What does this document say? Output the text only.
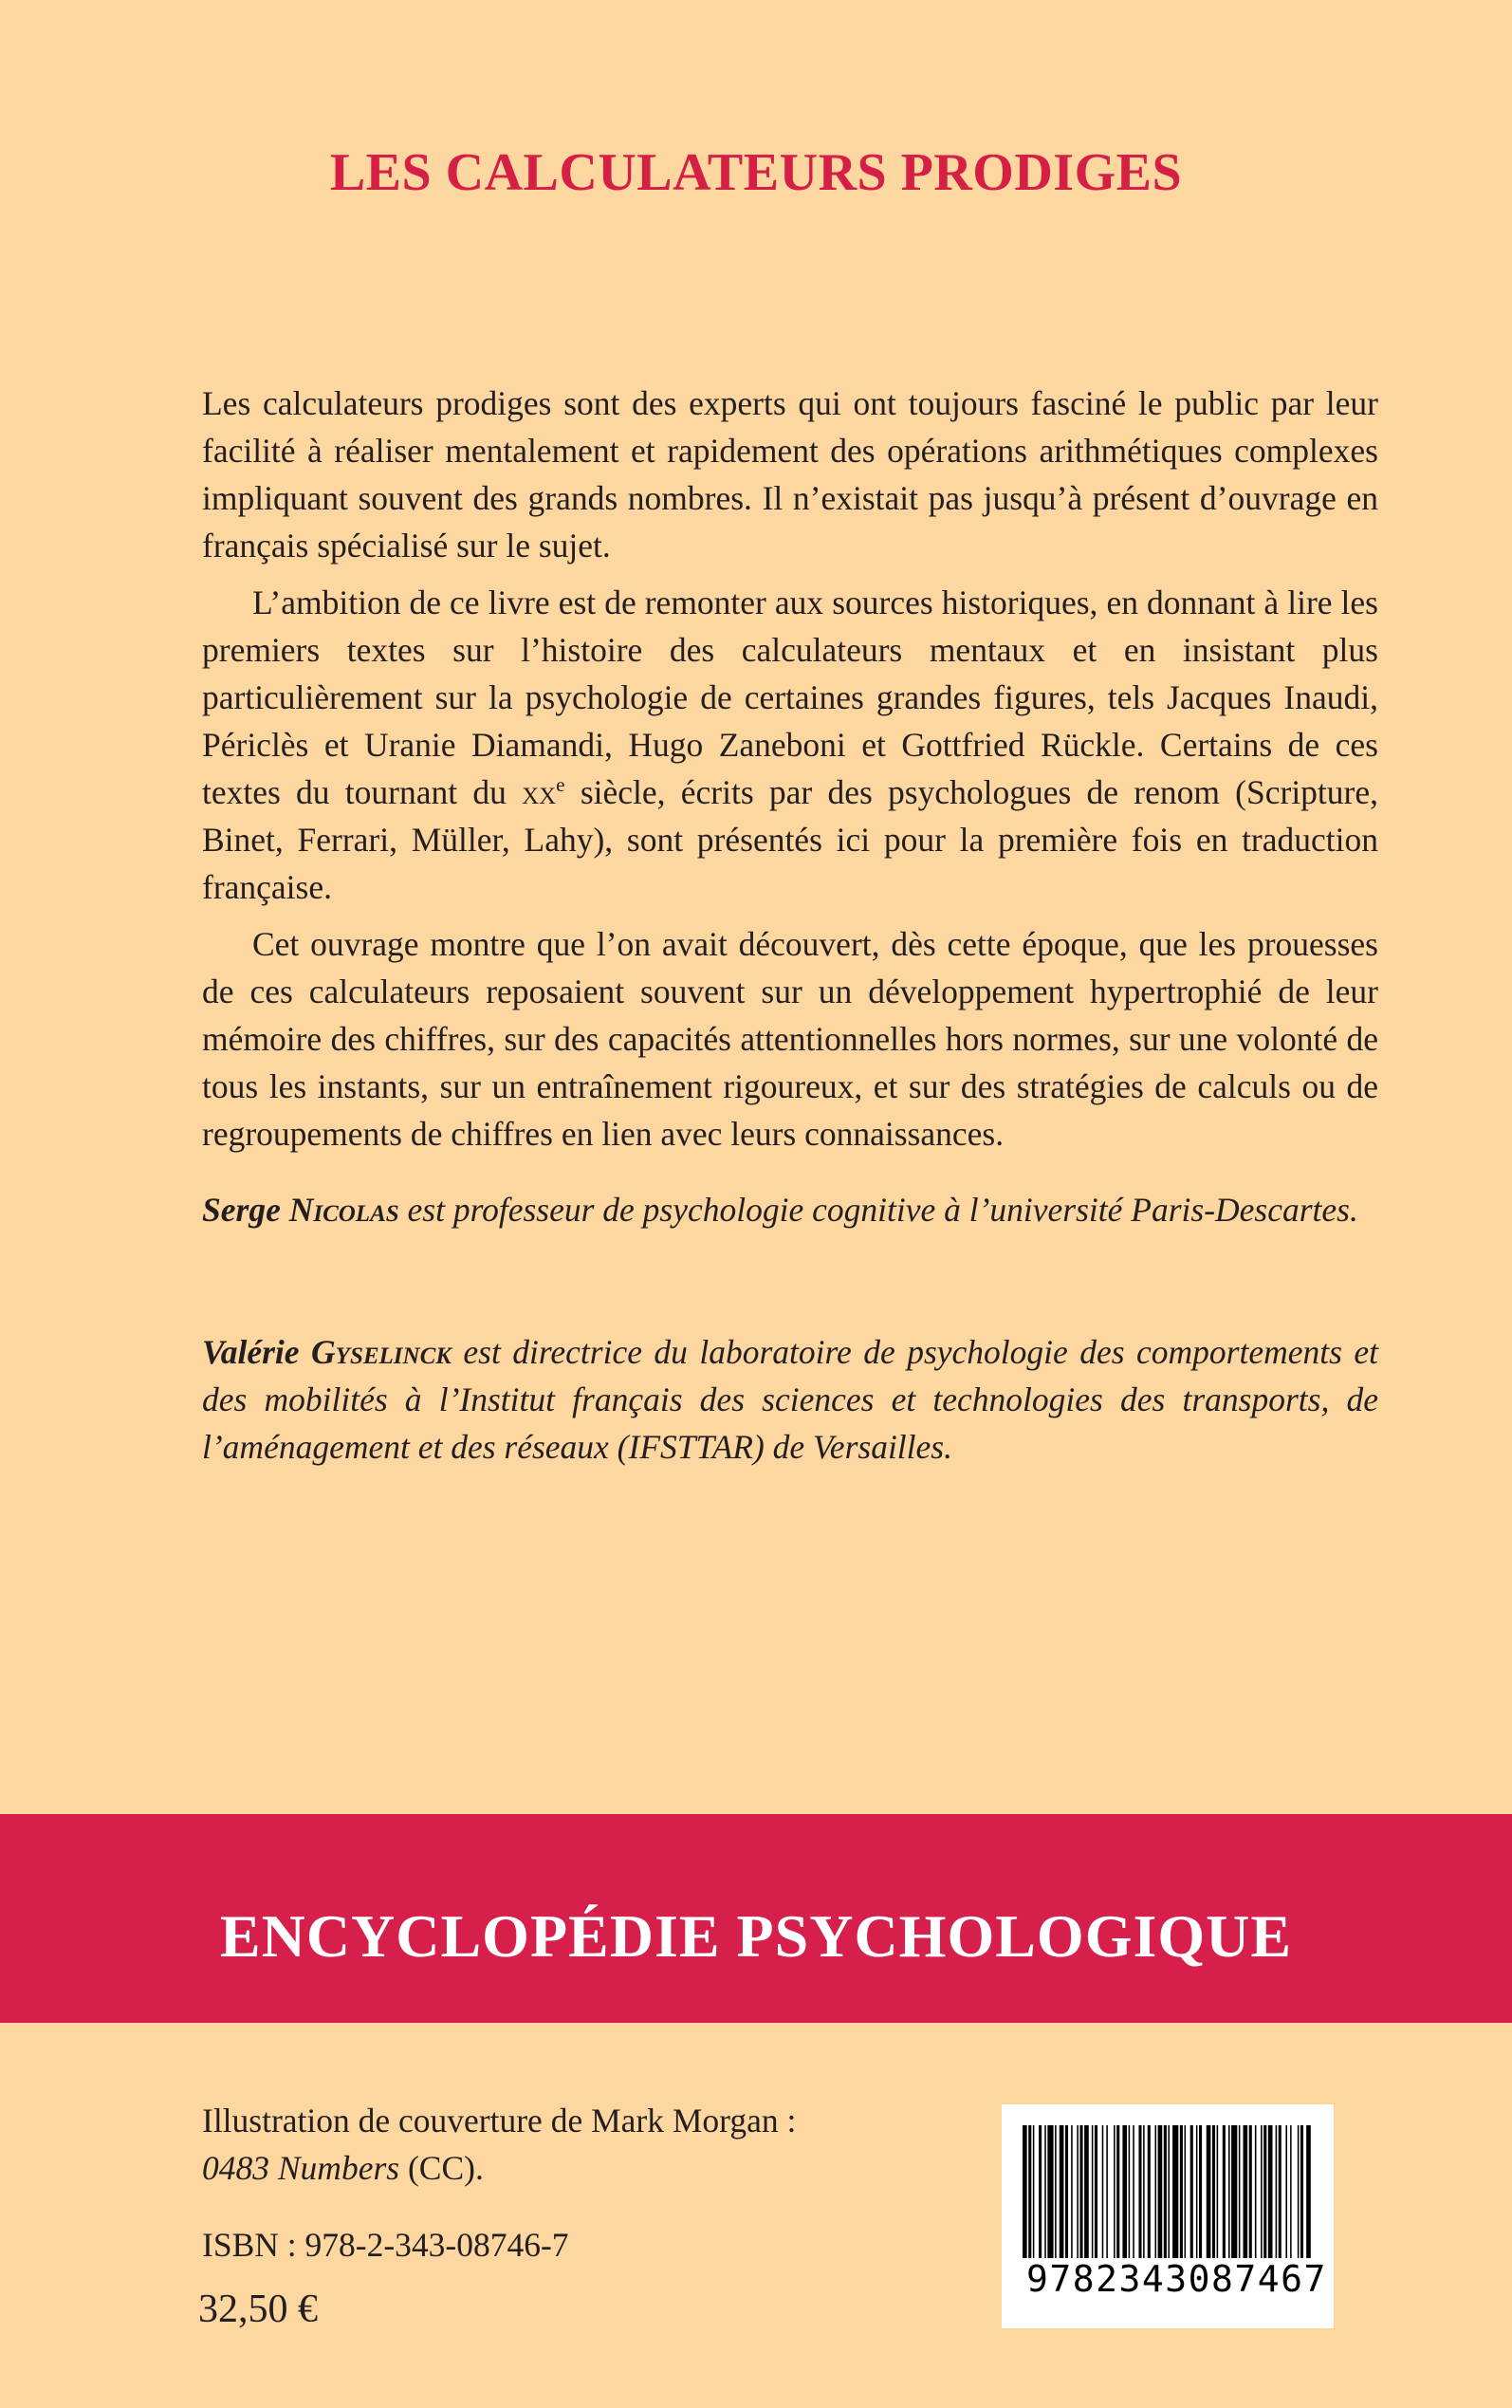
LES CALCULATEURS PRODIGES

Les calculateurs prodiges sont des experts qui ont toujours fasciné le public par leur facilité à réaliser mentalement et rapidement des opérations arithmétiques complexes impliquant souvent des grands nombres. Il n’existait pas jusqu’à présent d’ouvrage en français spécialisé sur le sujet.

L’ambition de ce livre est de remonter aux sources historiques, en donnant à lire les premiers textes sur l’histoire des calculateurs mentaux et en insistant plus particulièrement sur la psychologie de certaines grandes figures, tels Jacques Inaudi, Périclès et Uranie Diamandi, Hugo Zaneboni et Gottfried Rückle. Certains de ces textes du tournant du $xx^e$ siècle, écrits par des psychologues de renom (Scripture, Binet, Ferrari, Müller, Lahy), sont présentés ici pour la première fois en traduction française.

Cet ouvrage montre que l’on avait découvert, dès cette époque, que les prouesses de ces calculateurs reposaient souvent sur un développement hypertrophié de leur mémoire des chiffres, sur des capacités attentionnelles hors normes, sur une volonté de tous les instants, sur un entraînement rigoureux, et sur des stratégies de calculs ou de regroupements de chiffres en lien avec leurs connaissances.

Serge Nicolas est professeur de psychologie cognitive à l’université Paris-Descartes.

Valérie Gyselinck est directrice du laboratoire de psychologie des comportements et des mobilités à l’Institut français des sciences et technologies des transports, de l’aménagement et des réseaux (IFSTTAR) de Versailles.

ENCYCLOPÉDIE PSYCHOLOGIQUE
Illustration de couverture de Mark Morgan :
0483 Numbers (CC).
ISBN : 978-2-343-08746-7
32,50 €
9782343087467
